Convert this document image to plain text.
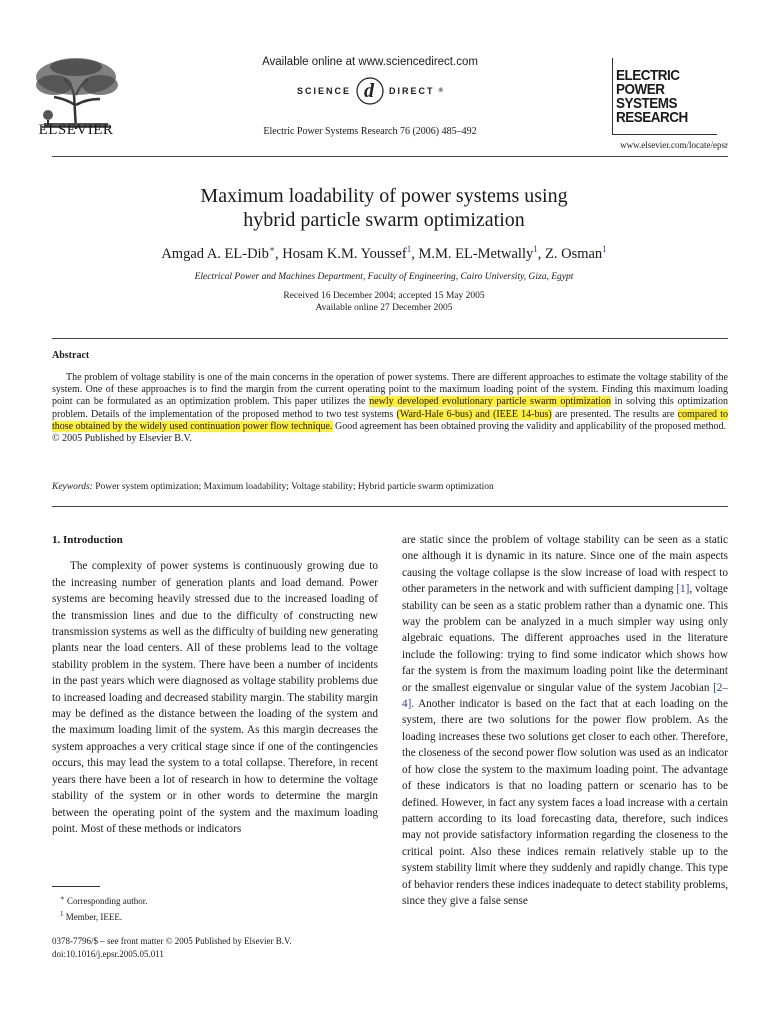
ELSEVIER
Available online at www.sciencedirect.com
SCIENCE d DIRECT ®
Electric Power Systems Research 76 (2006) 485–492
ELECTRIC
POWER
SYSTEMS
RESEARCH
www.elsevier.com/locate/epsr
Maximum loadability of power systems using
hybrid particle swarm optimization
Amgad A. EL-Dib∗, Hosam K.M. Youssef$^1$, M.M. EL-Metwally$^1$, Z. Osman$^1$
Electrical Power and Machines Department, Faculty of Engineering, Cairo University, Giza, Egypt
Received 16 December 2004; accepted 15 May 2005
Available online 27 December 2005
Abstract

The problem of voltage stability is one of the main concerns in the operation of power systems. There are different approaches to estimate the voltage stability of the system. One of these approaches is to find the margin from the current operating point to the maximum loading point of the system. Finding this maximum loading point can be formulated as an optimization problem. This paper utilizes the newly developed evolutionary particle swarm optimization in solving this optimization problem. Details of the implementation of the proposed method to two test systems (Ward-Hale 6-bus) and (IEEE 14-bus) are presented. The results are compared to those obtained by the widely used continuation power flow technique. Good agreement has been obtained proving the validity and applicability of the proposed method.

© 2005 Published by Elsevier B.V.

Keywords: Power system optimization; Maximum loadability; Voltage stability; Hybrid particle swarm optimization
1. Introduction

The complexity of power systems is continuously growing due to the increasing number of generation plants and load demand. Power systems are becoming heavily stressed due to the increased loading of the transmission lines and due to the difficulty of constructing new transmission systems as well as the difficulty of building new generating plants near the load centers. All of these problems lead to the voltage stability problem in the system. There have been a number of incidents in the past years which were diagnosed as voltage stability problems due to increased loading and decreased stability margin. The stability margin may be defined as the distance between the loading of the system and the maximum loading limit of the system. As this margin decreases the system approaches a very critical stage since if one of the contingencies occurs, this may lead the system to a total collapse. Therefore, in recent years there have been a lot of research in how to determine the voltage stability of the system or in other words to determine the margin between the operating point of the system and the maximum loading point. Most of these methods or indicators

are static since the problem of voltage stability can be seen as a static one although it is dynamic in its nature. Since one of the main aspects causing the voltage collapse is the slow increase of load with respect to other parameters in the network and with sufficient damping [1], voltage stability can be seen as a static problem rather than a dynamic one. This way the problem can be analyzed in a much simpler way using only algebraic equations. The different approaches used in the literature include the following: trying to find some indicator which shows how far the system is from the maximum loading point like the determinant or the smallest eigenvalue or singular value of the system Jacobian [2–4]. Another indicator is based on the fact that at each loading on the system, there are two solutions for the power flow problem. As the loading increases these two solutions get closer to each other. Therefore, the closeness of the second power flow solution was used as an indicator of how close the system to the maximum loading point. The advantage of these indicators is that no loading pattern or scenario has to be defined. However, in fact any system faces a load increase with a certain pattern according to its load forecasting data, therefore, such indices may not provide satisfactory information regarding the closeness to the critical point. Also these indices remain relatively stable up to the system stability limit where they suddenly and rapidly change. This type of behavior renders these indices inadequate to detect stability problems, since they give a false sense

∗ Corresponding author.
$^1$ Member, IEEE.
0378-7796/$ – see front matter © 2005 Published by Elsevier B.V.
doi:10.1016/j.epsr.2005.05.011
